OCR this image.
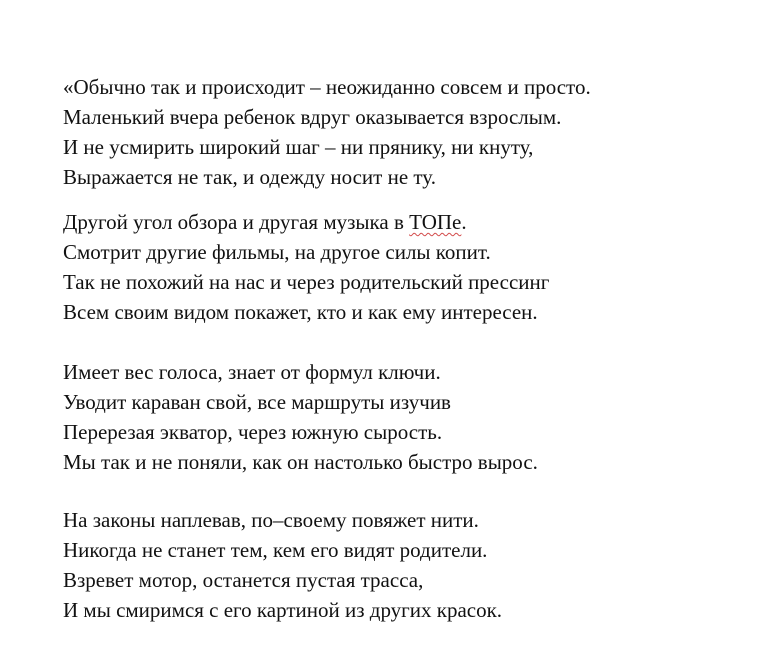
«Обычно так и происходит – неожиданно совсем и просто.
Маленький вчера ребенок вдруг оказывается взрослым.
И не усмирить широкий шаг – ни прянику, ни кнуту,
Выражается не так, и одежду носит не ту.
Другой угол обзора и другая музыка в ТОПе.
Смотрит другие фильмы, на другое силы копит.
Так не похожий на нас и через родительский прессинг
Всем своим видом покажет, кто и как ему интересен.
Имеет вес голоса, знает от формул ключи.
Уводит караван свой, все маршруты изучив
Перерезая экватор, через южную сырость.
Мы так и не поняли, как он настолько быстро вырос.
На законы наплевав, по–своему повяжет нити.
Никогда не станет тем, кем его видят родители.
Взревет мотор, останется пустая трасса,
И мы смиримся с его картиной из других красок.
